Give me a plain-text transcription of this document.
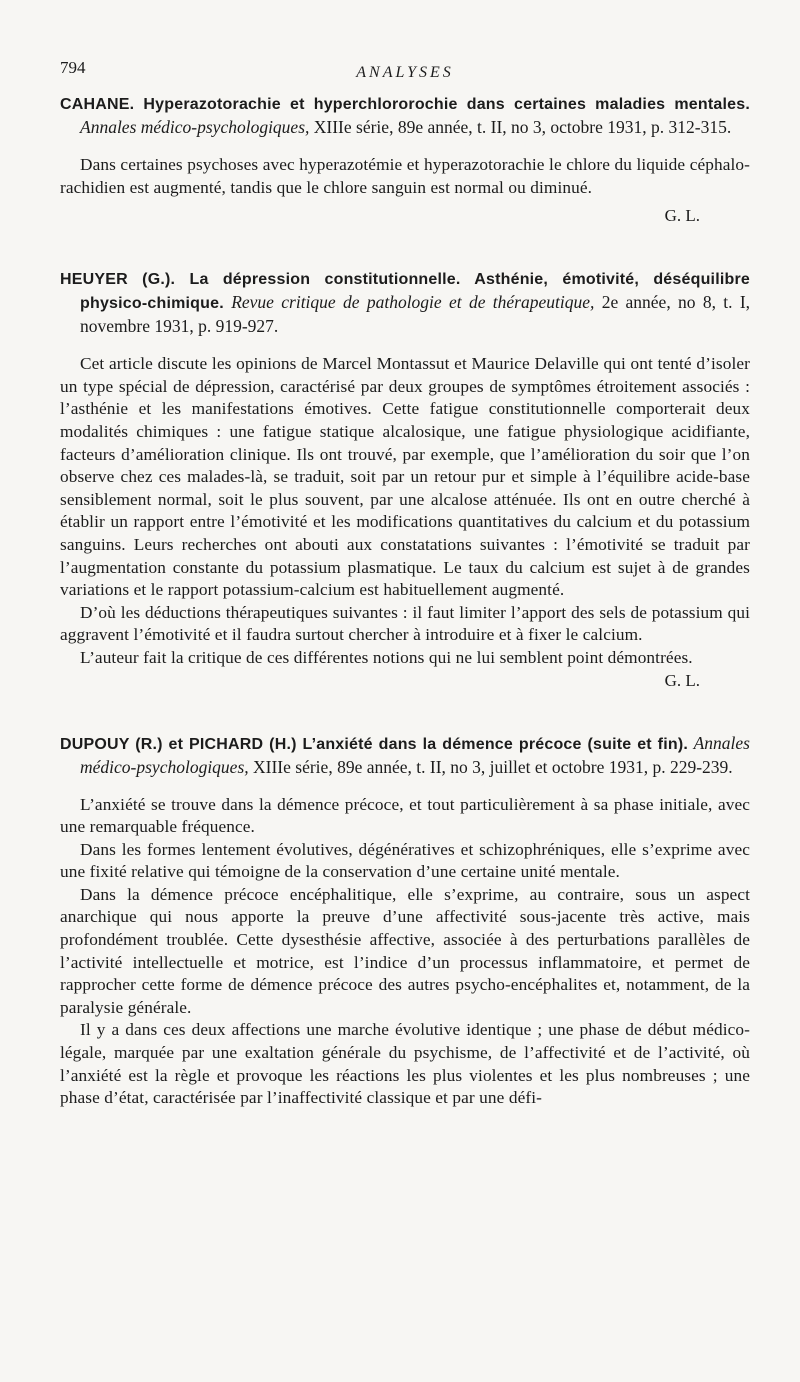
794	ANALYSES

CAHANE. Hyperazotorachie et hyperchlororochie dans certaines maladies mentales. Annales médico-psychologiques, XIIIe série, 89e année, t. II, no 3, octobre 1931, p. 312-315.

Dans certaines psychoses avec hyperazotémie et hyperazotorachie le chlore du liquide céphalo-rachidien est augmenté, tandis que le chlore sanguin est normal ou diminué.

G. L.

HEUYER (G.). La dépression constitutionnelle. Asthénie, émotivité, déséquilibre physico-chimique. Revue critique de pathologie et de thérapeutique, 2e année, no 8, t. I, novembre 1931, p. 919-927.

Cet article discute les opinions de Marcel Montassut et Maurice Delaville qui ont tenté d’isoler un type spécial de dépression, caractérisé par deux groupes de symptômes étroitement associés : l’asthénie et les manifestations émotives. Cette fatigue constitutionnelle comporterait deux modalités chimiques : une fatigue statique alcalosique, une fatigue physiologique acidifiante, facteurs d’amélioration clinique. Ils ont trouvé, par exemple, que l’amélioration du soir que l’on observe chez ces malades-là, se traduit, soit par un retour pur et simple à l’équilibre acide-base sensiblement normal, soit le plus souvent, par une alcalose atténuée. Ils ont en outre cherché à établir un rapport entre l’émotivité et les modifications quantitatives du calcium et du potassium sanguins. Leurs recherches ont abouti aux constatations suivantes : l’émotivité se traduit par l’augmentation constante du potassium plasmatique. Le taux du calcium est sujet à de grandes variations et le rapport potassium-calcium est habituellement augmenté.

D’où les déductions thérapeutiques suivantes : il faut limiter l’apport des sels de potassium qui aggravent l’émotivité et il faudra surtout chercher à introduire et à fixer le calcium.

L’auteur fait la critique de ces différentes notions qui ne lui semblent point démontrées.

G. L.

DUPOUY (R.) et PICHARD (H.) L’anxiété dans la démence précoce (suite et fin). Annales médico-psychologiques, XIIIe série, 89e année, t. II, no 3, juillet et octobre 1931, p. 229-239.

L’anxiété se trouve dans la démence précoce, et tout particulièrement à sa phase initiale, avec une remarquable fréquence.

Dans les formes lentement évolutives, dégénératives et schizophréniques, elle s’exprime avec une fixité relative qui témoigne de la conservation d’une certaine unité mentale.

Dans la démence précoce encéphalitique, elle s’exprime, au contraire, sous un aspect anarchique qui nous apporte la preuve d’une affectivité sous-jacente très active, mais profondément troublée. Cette dysesthésie affective, associée à des perturbations parallèles de l’activité intellectuelle et motrice, est l’indice d’un processus inflammatoire, et permet de rapprocher cette forme de démence précoce des autres psycho-encéphalites et, notamment, de la paralysie générale.

Il y a dans ces deux affections une marche évolutive identique ; une phase de début médico-légale, marquée par une exaltation générale du psychisme, de l’affectivité et de l’activité, où l’anxiété est la règle et provoque les réactions les plus violentes et les plus nombreuses ; une phase d’état, caractérisée par l’inaffectivité classique et par une défi-
